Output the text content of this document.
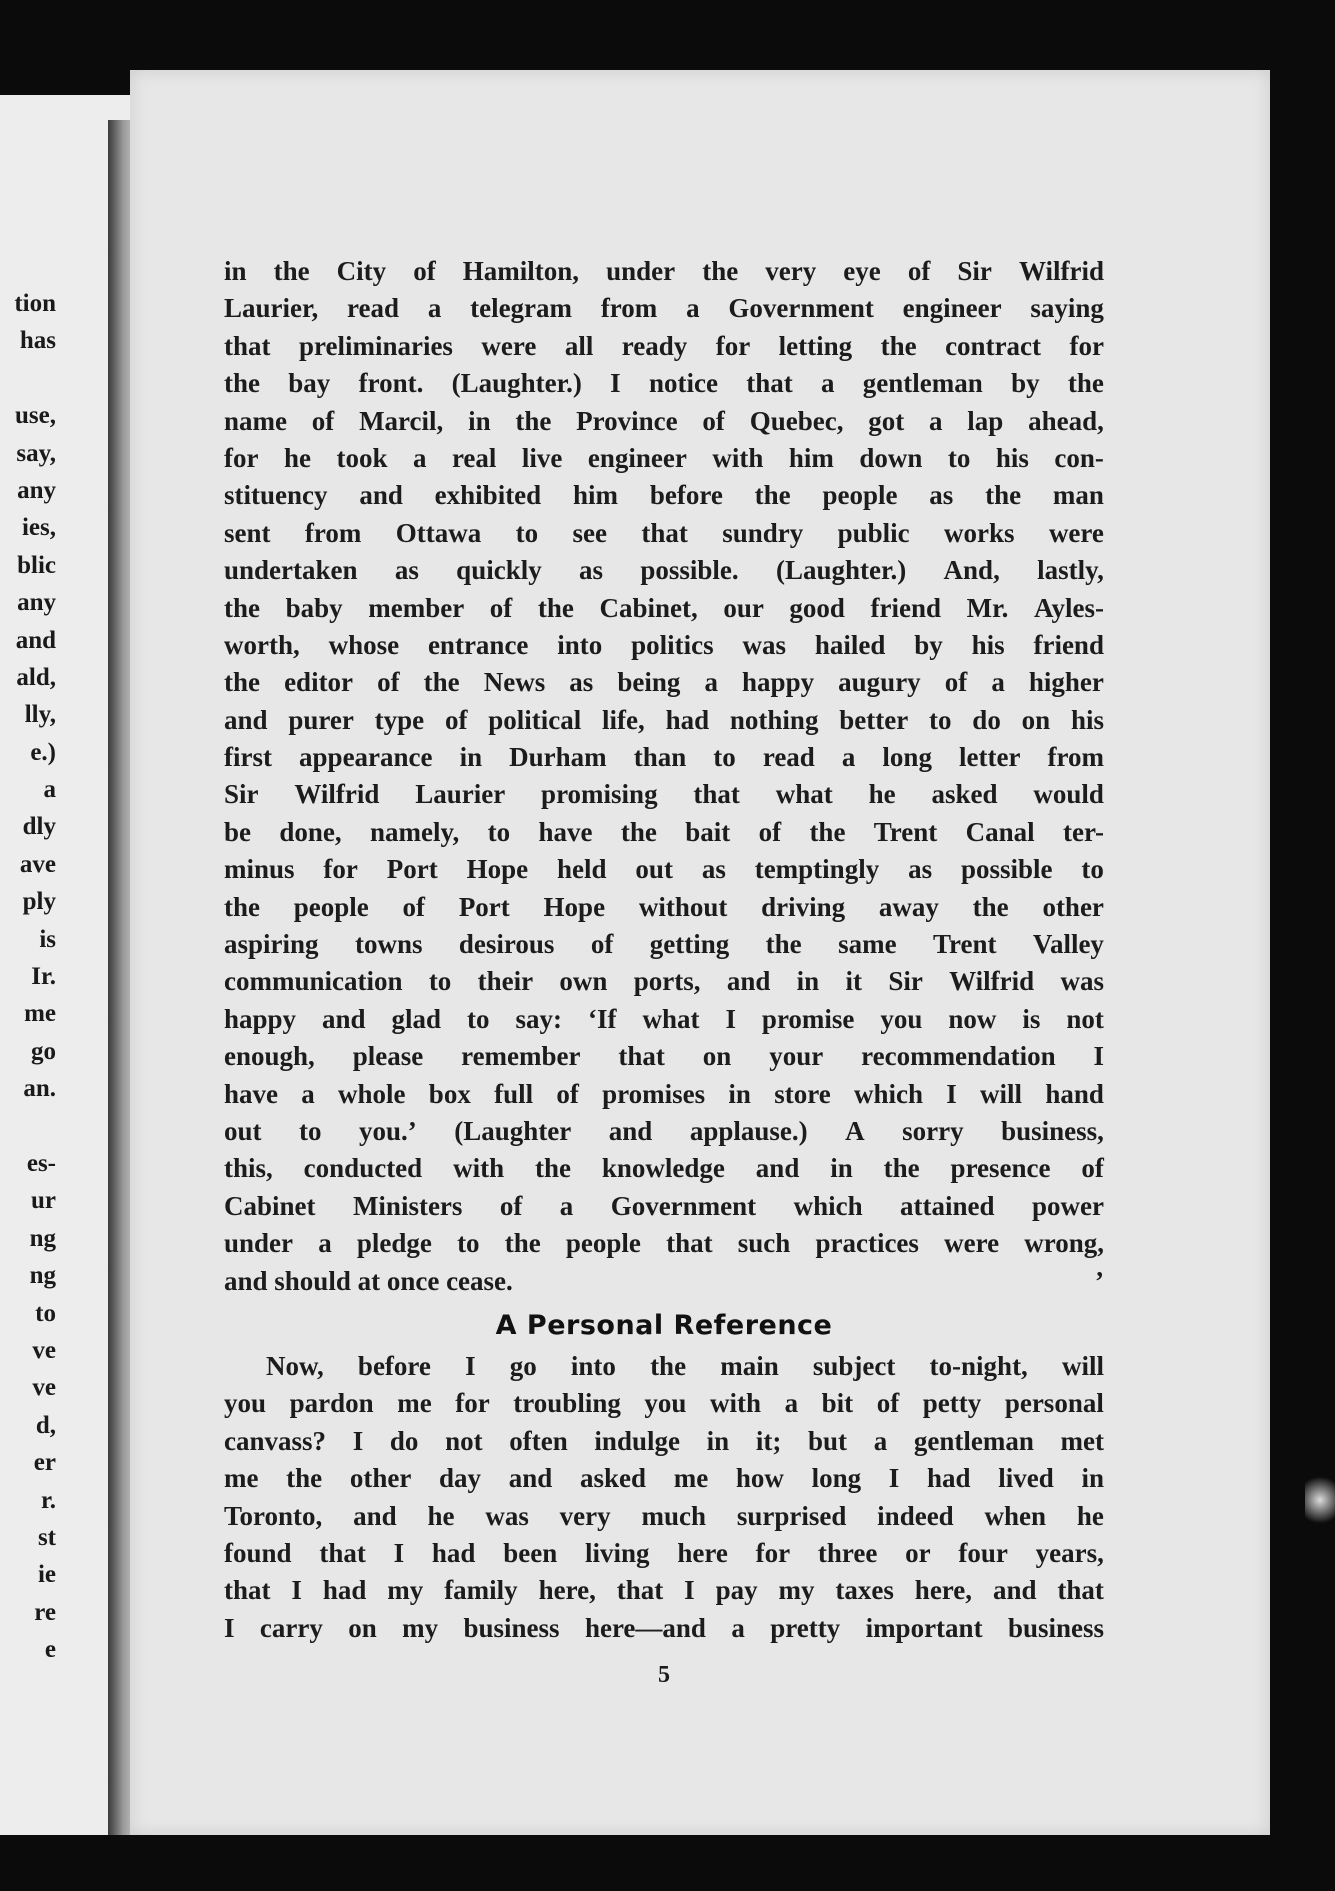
tion
has
use,
say,
any
ies,
blic
any
and
ald,
lly,
e.)
a
dly
ave
ply
is
Ir.
me
go
an.
es-
ur
ng
ng
to
ve
ve
d,
er
r.
st
ie
re
e
in the City of Hamilton, under the very eye of Sir Wilfrid
Laurier, read a telegram from a Government engineer saying
that preliminaries were all ready for letting the contract for
the bay front. (Laughter.) I notice that a gentleman by the
name of Marcil, in the Province of Quebec, got a lap ahead,
for he took a real live engineer with him down to his con-
stituency and exhibited him before the people as the man
sent from Ottawa to see that sundry public works were
undertaken as quickly as possible. (Laughter.) And, lastly,
the baby member of the Cabinet, our good friend Mr. Ayles-
worth, whose entrance into politics was hailed by his friend
the editor of the News as being a happy augury of a higher
and purer type of political life, had nothing better to do on his
first appearance in Durham than to read a long letter from
Sir Wilfrid Laurier promising that what he asked would
be done, namely, to have the bait of the Trent Canal ter-
minus for Port Hope held out as temptingly as possible to
the people of Port Hope without driving away the other
aspiring towns desirous of getting the same Trent Valley
communication to their own ports, and in it Sir Wilfrid was
happy and glad to say: ‘If what I promise you now is not
enough, please remember that on your recommendation I
have a whole box full of promises in store which I will hand
out to you.’ (Laughter and applause.) A sorry business,
this, conducted with the knowledge and in the presence of
Cabinet Ministers of a Government which attained power
under a pledge to the people that such practices were wrong,
and should at once cease.	’
A Personal Reference
Now, before I go into the main subject to-night, will
you pardon me for troubling you with a bit of petty personal
canvass? I do not often indulge in it; but a gentleman met
me the other day and asked me how long I had lived in
Toronto, and he was very much surprised indeed when he
found that I had been living here for three or four years,
that I had my family here, that I pay my taxes here, and that
I carry on my business here—and a pretty important business
5
